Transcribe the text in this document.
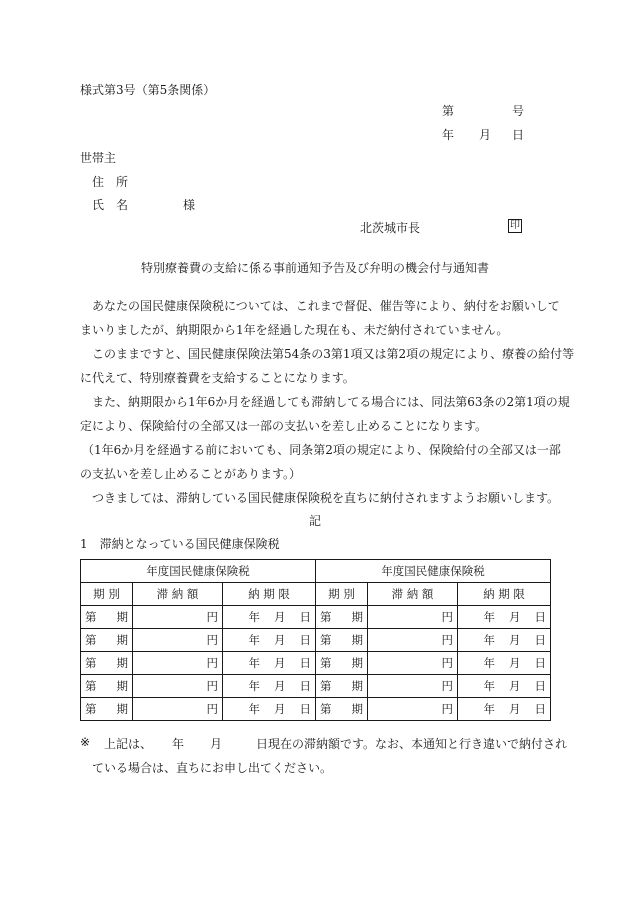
様式第3号（第5条関係）
第	号
年 月 日
世帯主
住　所
氏　名	様
北茨城市長	印
特別療養費の支給に係る事前通知予告及び弁明の機会付与通知書
あなたの国民健康保険税については、これまで督促、催告等により、納付をお願いして
まいりましたが、納期限から1年を経過した現在も、未だ納付されていません。
このままですと、国民健康保険法第54条の3第1項又は第2項の規定により、療養の給付等
に代えて、特別療養費を支給することになります。
また、納期限から1年6か月を経過しても滞納してる場合には、同法第63条の2第1項の規
定により、保険給付の全部又は一部の支払いを差し止めることになります。
（1年6か月を経過する前においても、同条第2項の規定により、保険給付の全部又は一部
の支払いを差し止めることがあります。）
つきましては、滞納している国民健康保険税を直ちに納付されますようお願いします。
記
1　滞納となっている国民健康保険税
年度国民健康保険税			年度国民健康保険税		
期 別	滞 納 額	納 期 限	期 別	滞 納 額	納 期 限
第期	円	年 月 日	第期	円	年 月 日
第期	円	年 月 日	第期	円	年 月 日
第期	円	年 月 日	第期	円	年 月 日
第期	円	年 月 日	第期	円	年 月 日
第期	円	年 月 日	第期	円	年 月 日
※ 上記は、 年 月	日現在の滞納額です。なお、本通知と行き違いで納付され
ている場合は、直ちにお申し出てください。
